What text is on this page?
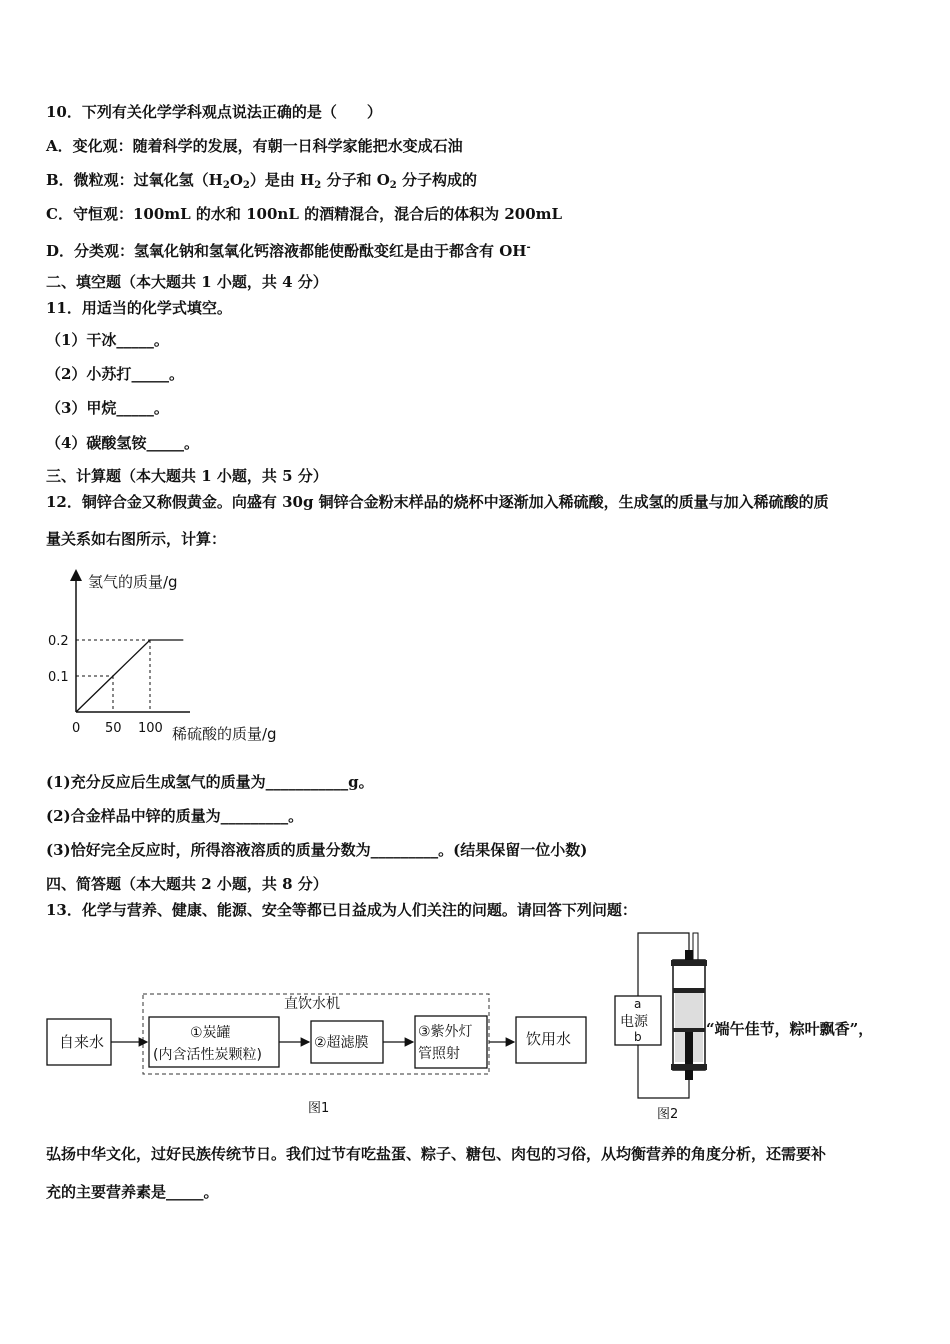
10．下列有关化学学科观点说法正确的是（　　）
A．变化观：随着科学的发展，有朝一日科学家能把水变成石油
B．微粒观：过氧化氢$(H_2O_2)$是由 $H_2$ 分子和 $O_2$ 分子构成的
C．守恒观：100mL 的水和 100nL 的酒精混合，混合后的体积为 200mL
D．分类观：氢氧化钠和氢氧化钙溶液都能使酚酞变红是由于都含有 OH-
二、填空题（本大题共 1 小题，共 4 分）
11．用适当的化学式填空。
（1）干冰_____。
（2）小苏打_____。
（3）甲烷_____。
（4）碳酸氢铵_____。
三、计算题（本大题共 1 小题，共 5 分）
12．铜锌合金又称假黄金。向盛有 30g 铜锌合金粉末样品的烧杯中逐渐加入稀硫酸，生成氢的质量与加入稀硫酸的质
量关系如右图所示，计算：
氢气的质量/g
稀硫酸的质量/g
0.1
0.2
0 50 100
(1)充分反应后生成氢气的质量为___________g。
(2)合金样品中锌的质量为_________。
(3)恰好完全反应时，所得溶液溶质的质量分数为_________。(结果保留一位小数)
四、简答题（本大题共 2 小题，共 8 分）
13．化学与营养、健康、能源、安全等都已日益成为人们关注的问题。请回答下列问题：
直饮水机
自来水	①炭罐
(内含活性炭颗粒)
②超滤膜
③紫外灯
管照射
饮用水
图1
a
电源
b
图2
“端午佳节，粽叶飘香”，
弘扬中华文化，过好民族传统节日。我们过节有吃盐蛋、粽子、糖包、肉包的习俗，从均衡营养的角度分析，还需要补
充的主要营养素是_____。
